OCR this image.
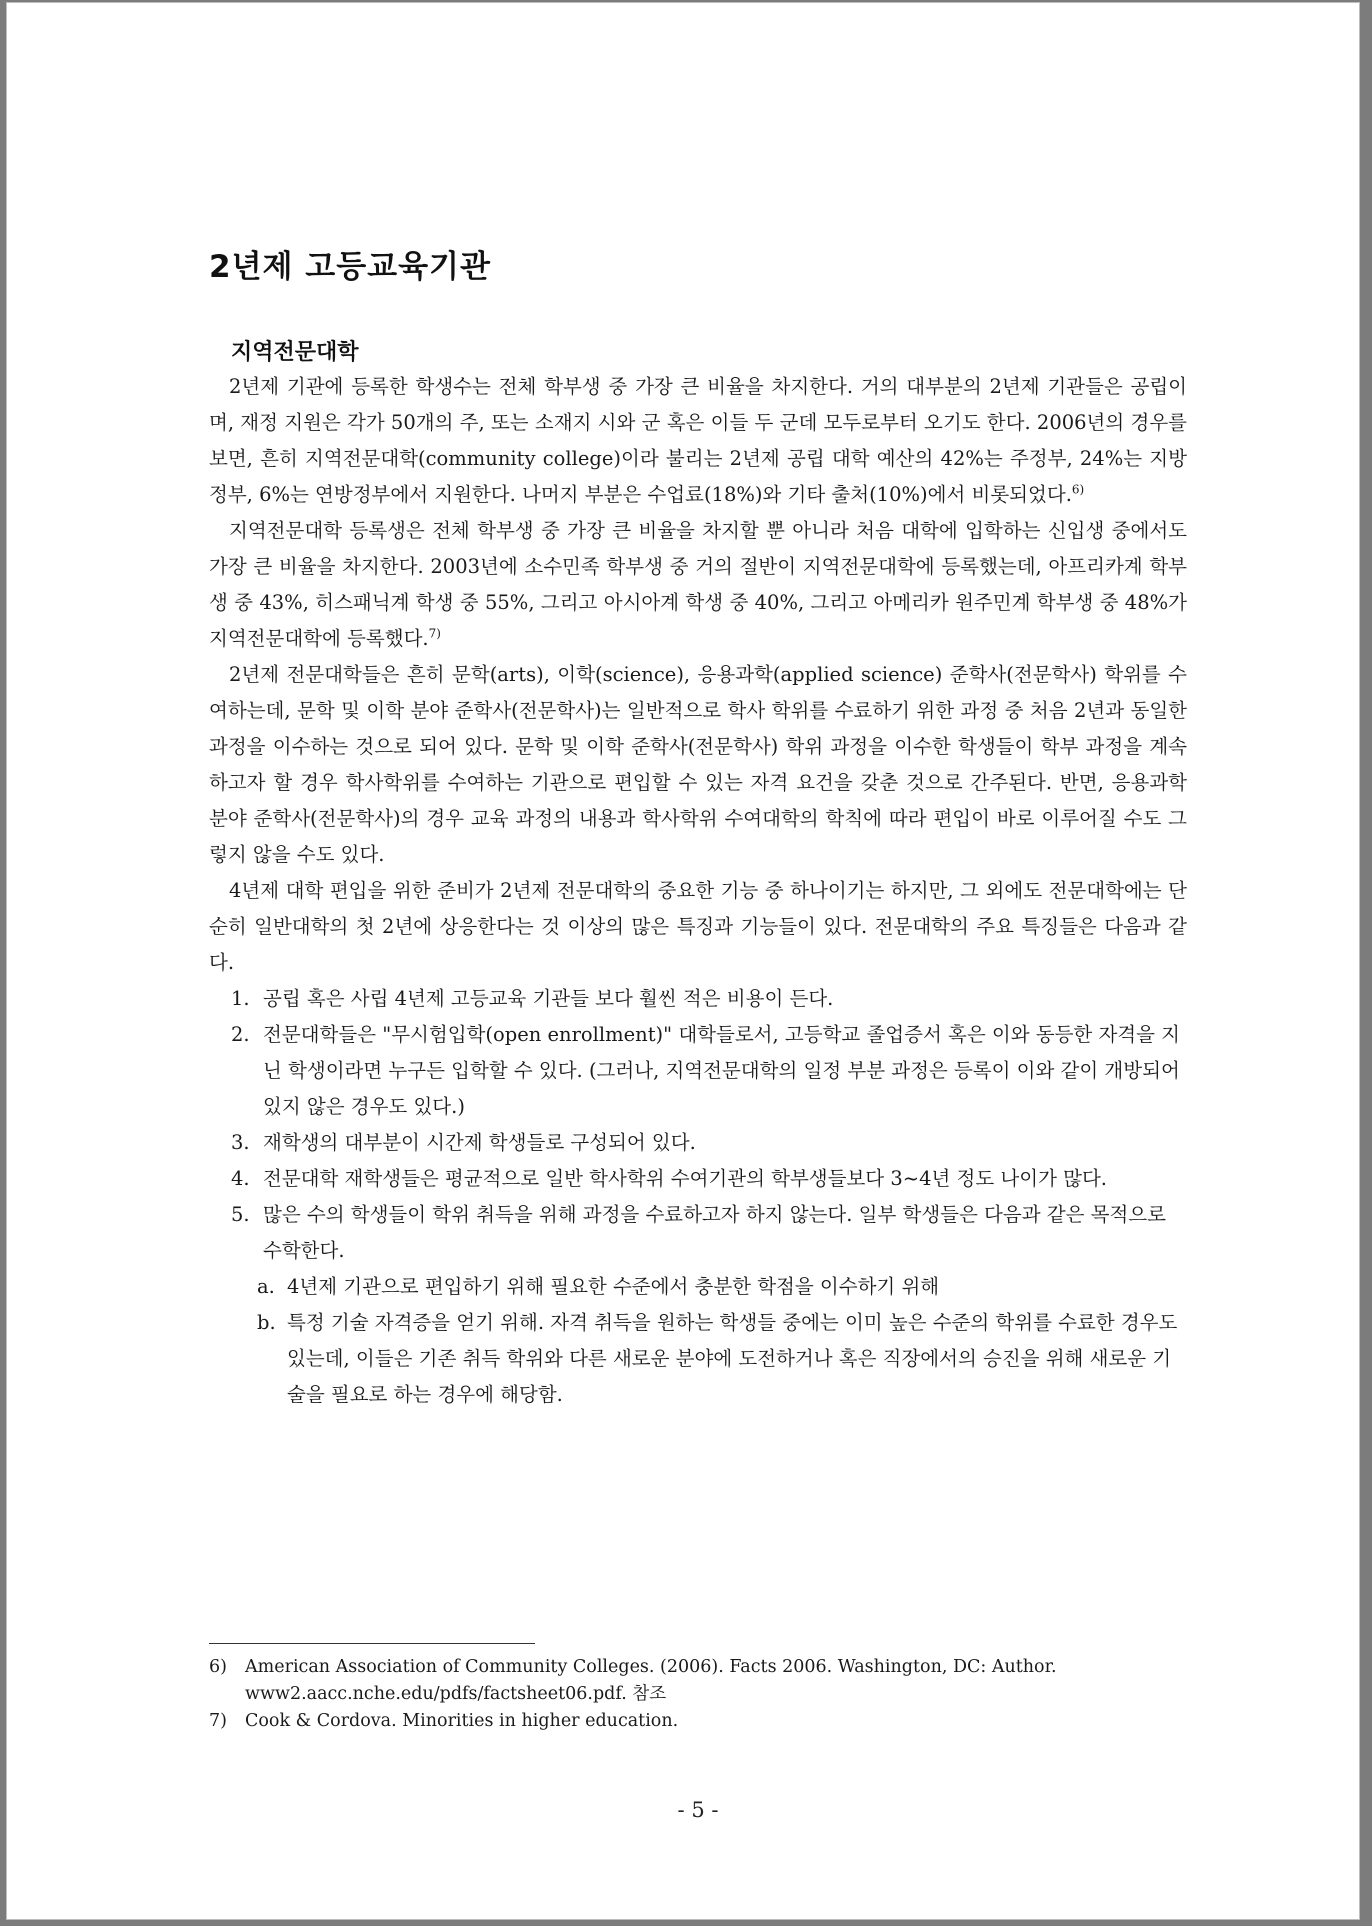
2년제 고등교육기관
지역전문대학

2년제 기관에 등록한 학생수는 전체 학부생 중 가장 큰 비율을 차지한다. 거의 대부분의 2년제 기관들은 공립이며, 재정 지원은 각가 50개의 주, 또는 소재지 시와 군 혹은 이들 두 군데 모두로부터 오기도 한다. 2006년의 경우를 보면, 흔히 지역전문대학(community college)이라 불리는 2년제 공립 대학 예산의 42%는 주정부, 24%는 지방정부, 6%는 연방정부에서 지원한다. 나머지 부분은 수업료(18%)와 기타 출처(10%)에서 비롯되었다.$^{6)}$

지역전문대학 등록생은 전체 학부생 중 가장 큰 비율을 차지할 뿐 아니라 처음 대학에 입학하는 신입생 중에서도 가장 큰 비율을 차지한다. 2003년에 소수민족 학부생 중 거의 절반이 지역전문대학에 등록했는데, 아프리카계 학부생 중 43%, 히스패닉계 학생 중 55%, 그리고 아시아계 학생 중 40%, 그리고 아메리카 원주민계 학부생 중 48%가 지역전문대학에 등록했다.$^{7)}$

2년제 전문대학들은 흔히 문학(arts), 이학(science), 응용과학(applied science) 준학사(전문학사) 학위를 수여하는데, 문학 및 이학 분야 준학사(전문학사)는 일반적으로 학사 학위를 수료하기 위한 과정 중 처음 2년과 동일한 과정을 이수하는 것으로 되어 있다. 문학 및 이학 준학사(전문학사) 학위 과정을 이수한 학생들이 학부 과정을 계속하고자 할 경우 학사학위를 수여하는 기관으로 편입할 수 있는 자격 요건을 갖춘 것으로 간주된다. 반면, 응용과학 분야 준학사(전문학사)의 경우 교육 과정의 내용과 학사학위 수여대학의 학칙에 따라 편입이 바로 이루어질 수도 그렇지 않을 수도 있다.

4년제 대학 편입을 위한 준비가 2년제 전문대학의 중요한 기능 중 하나이기는 하지만, 그 외에도 전문대학에는 단순히 일반대학의 첫 2년에 상응한다는 것 이상의 많은 특징과 기능들이 있다. 전문대학의 주요 특징들은 다음과 같다.

1. 공립 혹은 사립 4년제 고등교육 기관들 보다 훨씬 적은 비용이 든다.

2. 전문대학들은 "무시험입학(open enrollment)" 대학들로서, 고등학교 졸업증서 혹은 이와 동등한 자격을 지닌 학생이라면 누구든 입학할 수 있다. (그러나, 지역전문대학의 일정 부분 과정은 등록이 이와 같이 개방되어 있지 않은 경우도 있다.)

3. 재학생의 대부분이 시간제 학생들로 구성되어 있다.

4. 전문대학 재학생들은 평균적으로 일반 학사학위 수여기관의 학부생들보다 3~4년 정도 나이가 많다.

5. 많은 수의 학생들이 학위 취득을 위해 과정을 수료하고자 하지 않는다. 일부 학생들은 다음과 같은 목적으로 수학한다.

a. 4년제 기관으로 편입하기 위해 필요한 수준에서 충분한 학점을 이수하기 위해

b. 특정 기술 자격증을 얻기 위해. 자격 취득을 원하는 학생들 중에는 이미 높은 수준의 학위를 수료한 경우도 있는데, 이들은 기존 취득 학위와 다른 새로운 분야에 도전하거나 혹은 직장에서의 승진을 위해 새로운 기술을 필요로 하는 경우에 해당함.

6)	American Association of Community Colleges. (2006). Facts 2006. Washington, DC: Author. www2.aacc.nche.edu/pdfs/factsheet06.pdf. 참조

7)	Cook & Cordova. Minorities in higher education.

- 5 -
